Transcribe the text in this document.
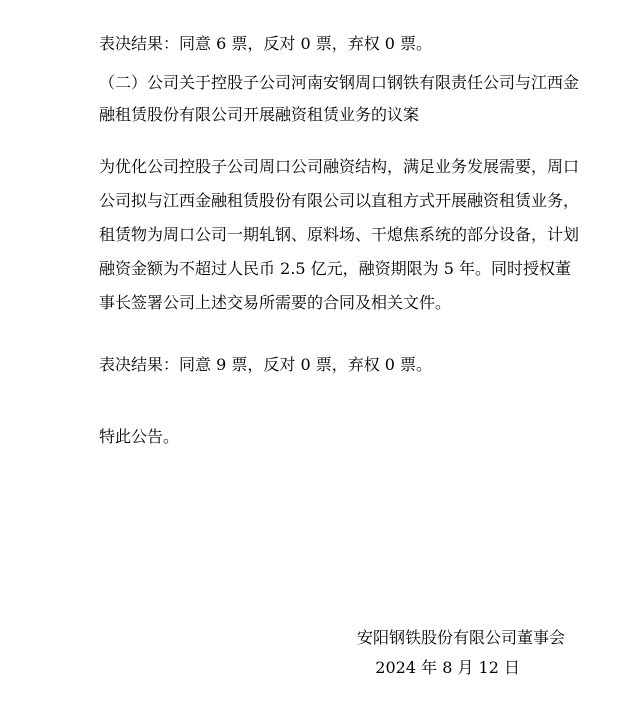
表决结果：同意 6 票，反对 0 票，弃权 0 票。
（二）公司关于控股子公司河南安钢周口钢铁有限责任公司与江西金融租赁股份有限公司开展融资租赁业务的议案
为优化公司控股子公司周口公司融资结构，满足业务发展需要，周口公司拟与江西金融租赁股份有限公司以直租方式开展融资租赁业务，租赁物为周口公司一期轧钢、原料场、干熄焦系统的部分设备，计划融资金额为不超过人民币 2.5 亿元，融资期限为 5 年。同时授权董事长签署公司上述交易所需要的合同及相关文件。
表决结果：同意 9 票，反对 0 票，弃权 0 票。
特此公告。
安阳钢铁股份有限公司董事会
2024 年 8 月 12 日
